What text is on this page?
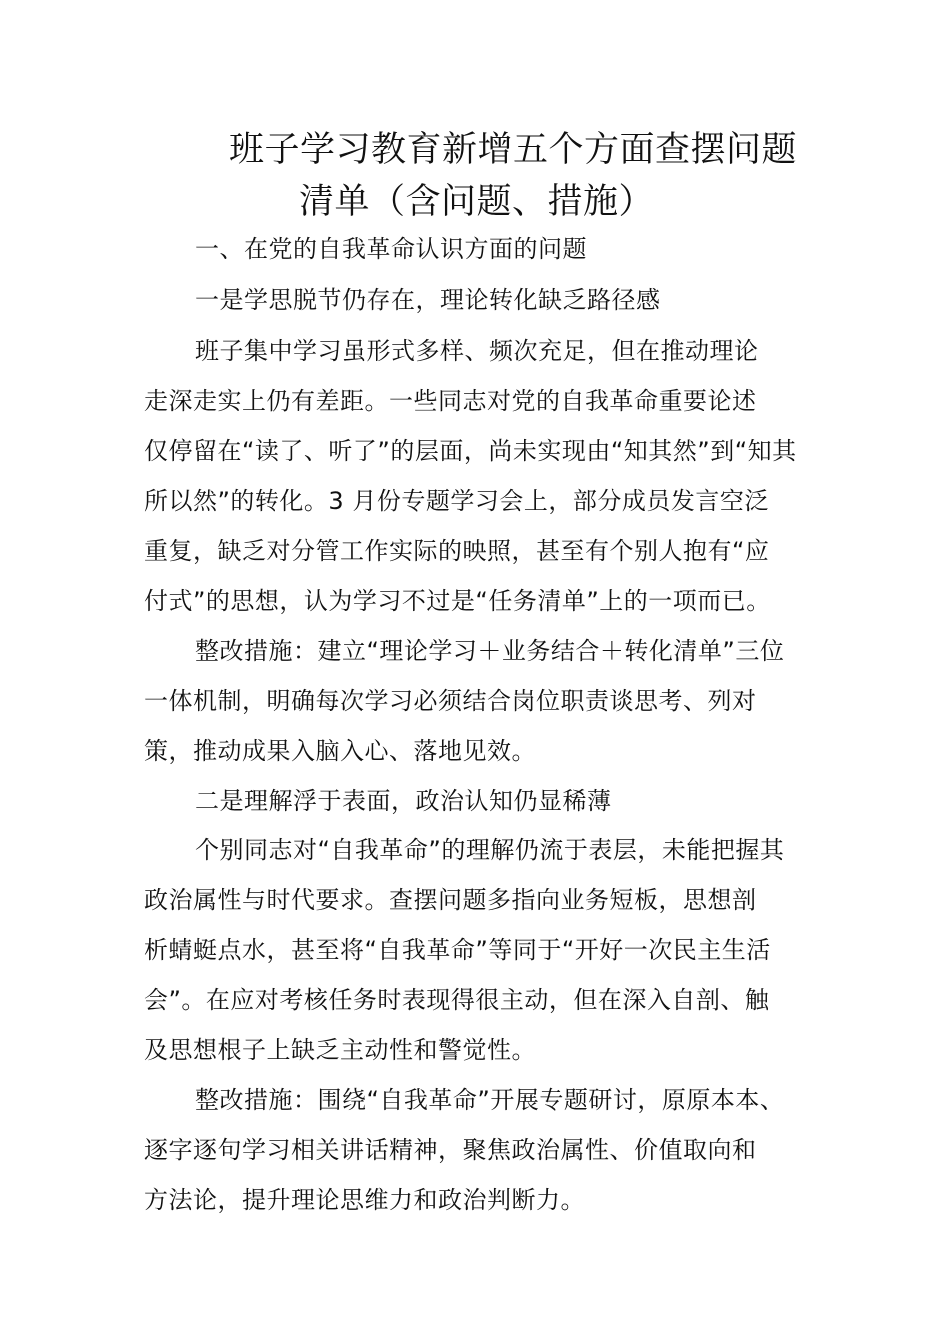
班子学习教育新增五个方面查摆问题
清单（含问题、措施）
一、在党的自我革命认识方面的问题
一是学思脱节仍存在，理论转化缺乏路径感
班子集中学习虽形式多样、频次充足，但在推动理论
走深走实上仍有差距。一些同志对党的自我革命重要论述
仅停留在“读了、听了”的层面，尚未实现由“知其然”到“知其
所以然”的转化。3 月份专题学习会上，部分成员发言空泛
重复，缺乏对分管工作实际的映照，甚至有个别人抱有“应
付式”的思想，认为学习不过是“任务清单”上的一项而已。
整改措施：建立“理论学习＋业务结合＋转化清单”三位
一体机制，明确每次学习必须结合岗位职责谈思考、列对
策，推动成果入脑入心、落地见效。
二是理解浮于表面，政治认知仍显稀薄
个别同志对“自我革命”的理解仍流于表层，未能把握其
政治属性与时代要求。查摆问题多指向业务短板，思想剖
析蜻蜓点水，甚至将“自我革命”等同于“开好一次民主生活
会”。在应对考核任务时表现得很主动，但在深入自剖、触
及思想根子上缺乏主动性和警觉性。
整改措施：围绕“自我革命”开展专题研讨，原原本本、
逐字逐句学习相关讲话精神，聚焦政治属性、价值取向和
方法论，提升理论思维力和政治判断力。
